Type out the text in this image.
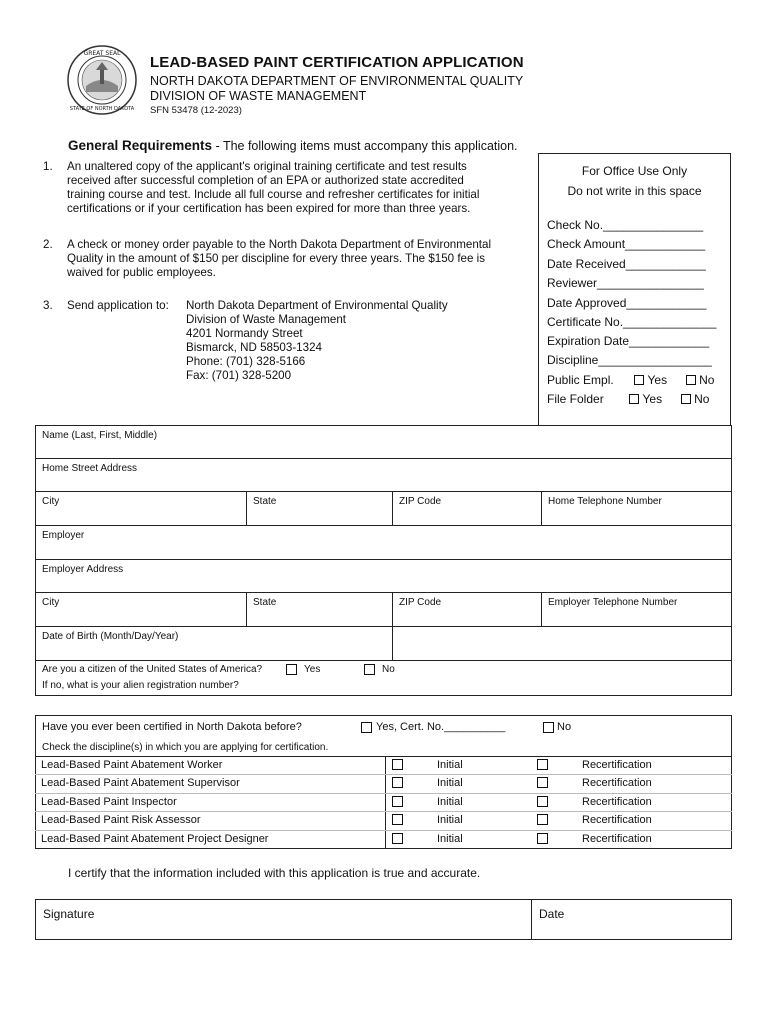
GREAT SEAL
STATE OF NORTH DAKOTA
LEAD-BASED PAINT CERTIFICATION APPLICATION
NORTH DAKOTA DEPARTMENT OF ENVIRONMENTAL QUALITY
DIVISION OF WASTE MANAGEMENT
SFN 53478 (12-2023)
General Requirements - The following items must accompany this application.
1. An unaltered copy of the applicant's original training certificate and test results
received after successful completion of an EPA or authorized state accredited
training course and test. Include all full course and refresher certificates for initial
certifications or if your certification has been expired for more than three years.
2. A check or money order payable to the North Dakota Department of Environmental
Quality in the amount of $150 per discipline for every three years. The $150 fee is
waived for public employees.
3. Send application to: North Dakota Department of Environmental Quality
Division of Waste Management
4201 Normandy Street
Bismarck, ND 58503-1324
Phone: (701) 328-5166
Fax: (701) 328-5200
For Office Use Only
Do not write in this space
Check No._______________
Check Amount____________
Date Received____________
Reviewer________________
Date Approved____________
Certificate No.______________
Expiration Date____________
Discipline_________________
Public Empl.	Yes	No
File Folder	Yes	No
Name (Last, First, Middle)
Home Street Address
City	State	ZIP Code	Home Telephone Number
Employer
Employer Address
City	State	ZIP Code	Employer Telephone Number
Date of Birth (Month/Day/Year)
Are you a citizen of the United States of America?	Yes	No
If no, what is your alien registration number?
Have you ever been certified in North Dakota before?	Yes, Cert. No.__________	No
Check the discipline(s) in which you are applying for certification.
Lead-Based Paint Abatement Worker	Initial	Recertification
Lead-Based Paint Abatement Supervisor	Initial	Recertification
Lead-Based Paint Inspector	Initial	Recertification
Lead-Based Paint Risk Assessor	Initial	Recertification
Lead-Based Paint Abatement Project Designer	Initial	Recertification
I certify that the information included with this application is true and accurate.
Signature	Date
